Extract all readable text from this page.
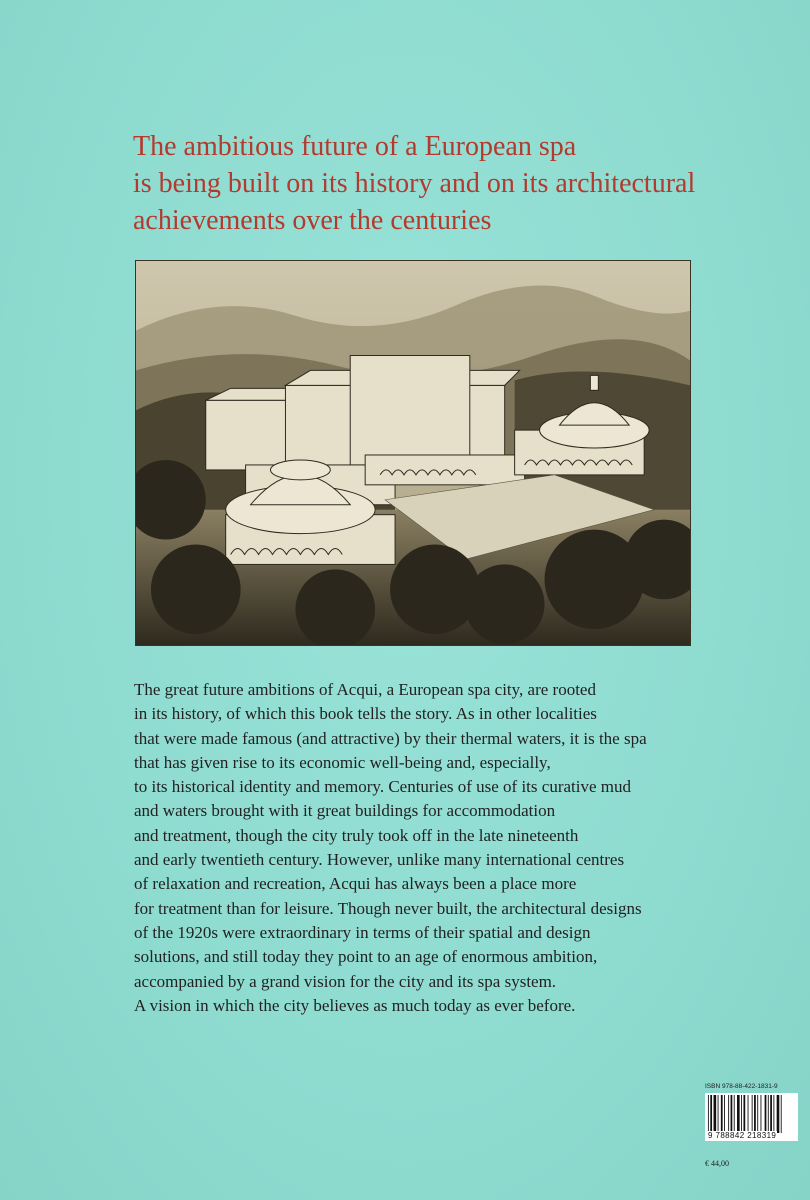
The ambitious future of a European spa
is being built on its history and on its architectural
achievements over the centuries

The great future ambitions of Acqui, a European spa city, are rooted
in its history, of which this book tells the story. As in other localities
that were made famous (and attractive) by their thermal waters, it is the spa
that has given rise to its economic well-being and, especially,
to its historical identity and memory. Centuries of use of its curative mud
and waters brought with it great buildings for accommodation
and treatment, though the city truly took off in the late nineteenth
and early twentieth century. However, unlike many international centres
of relaxation and recreation, Acqui has always been a place more
for treatment than for leisure. Though never built, the architectural designs
of the 1920s were extraordinary in terms of their spatial and design
solutions, and still today they point to an age of enormous ambition,
accompanied by a grand vision for the city and its spa system.
A vision in which the city believes as much today as ever before.

ISBN 978-88-422-1831-9
9 788842 218319
€ 44,00
